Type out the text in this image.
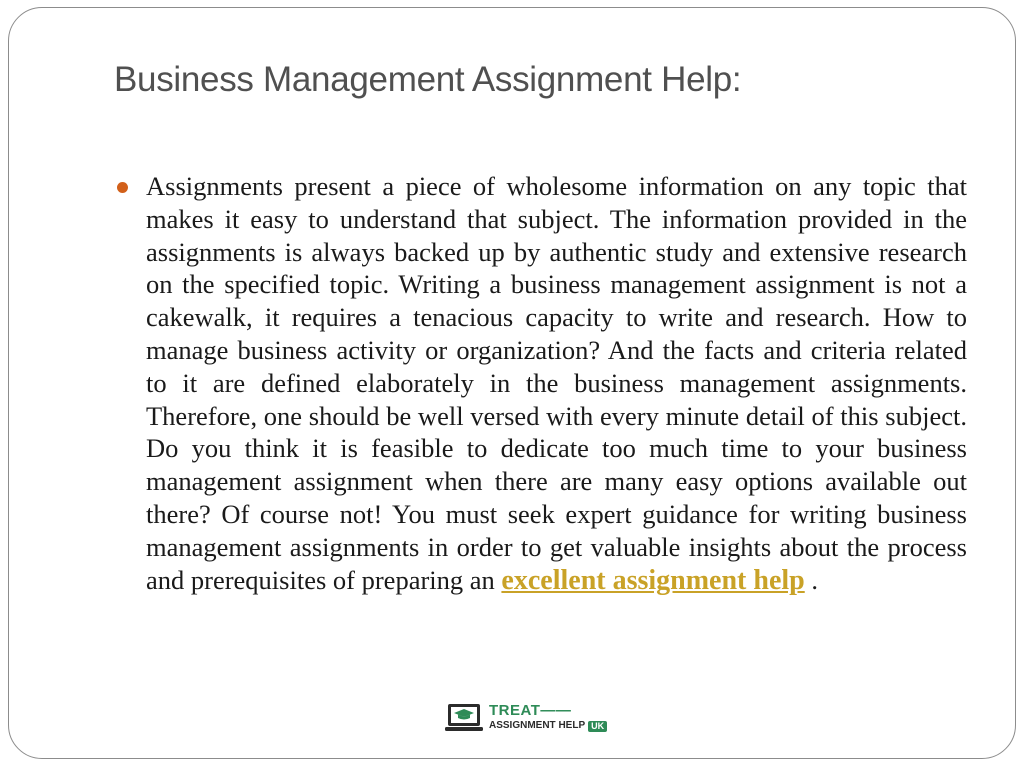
Business Management Assignment Help:

Assignments present a piece of wholesome information on any topic that makes it easy to understand that subject. The information provided in the assignments is always backed up by authentic study and extensive research on the specified topic. Writing a business management assignment is not a cakewalk, it requires a tenacious capacity to write and research. How to manage business activity or organization? And the facts and criteria related to it are defined elaborately in the business management assignments. Therefore, one should be well versed with every minute detail of this subject. Do you think it is feasible to dedicate too much time to your business management assignment when there are many easy options available out there? Of course not! You must seek expert guidance for writing business management assignments in order to get valuable insights about the process and prerequisites of preparing an excellent assignment help .

TREAT——
ASSIGNMENT HELP UK
